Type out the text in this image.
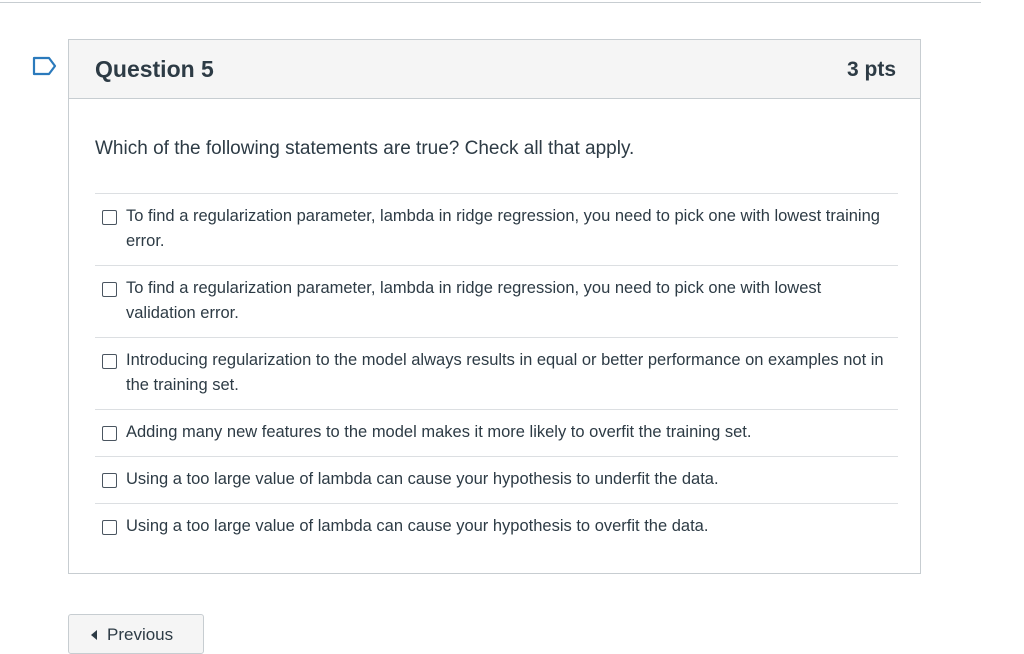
Question 5	3 pts
Which of the following statements are true? Check all that apply.
To find a regularization parameter, lambda in ridge regression, you need to pick one with lowest training error.
To find a regularization parameter, lambda in ridge regression, you need to pick one with lowest validation error.
Introducing regularization to the model always results in equal or better performance on examples not in the training set.
Adding many new features to the model makes it more likely to overfit the training set.
Using a too large value of lambda can cause your hypothesis to underfit the data.
Using a too large value of lambda can cause your hypothesis to overfit the data.
Previous
